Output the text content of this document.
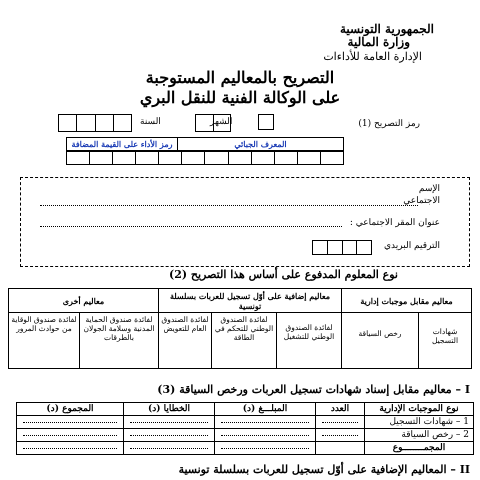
الجمهورية التونسية
وزارة المالية
الإدارة العامة للأداءات
التصريح بالمعاليم المستوجبة
على الوكالة الفنية للنقل البري
رمز التصريح (1)
الشهر
السنة
رمز الأداء على القيمة المضافة	المعرف الجبائي
الإسم
الاجتماعي
عنوان المقر الاجتماعي :
الترقيم البريدي
نوع المعلوم المدفوع على أساس هذا التصريح (2)
معاليم مقابل موجبات إدارية		معاليم إضافية على أوّل تسجيل للعربات بسلسلة تونسية			معاليم أخرى	
شهادات التسجيل	رخص السياقة	لفائدة الصندوق الوطني للتشغيل	لفائدة الصندوق الوطني للتحكم في الطاقة	لفائدة الصندوق العام للتعويض	لفائدة صندوق الحماية المدنية وسلامة الجولان بالطرقات	لفائدة صندوق الوقاية من حوادث المرور
I – معاليم مقابل إسناد شهادات تسجيل العربات ورخص السياقة (3)
نوع الموجبات الإدارية	العدد	المبلـــغ (د)	الخطايا (د)	المجموع (د)
1 – شهادات التسجيل	

2 – رخص السياقة	

المجمــــــــوع		

II – المعاليم الإضافية على أوّل تسجيل للعربات بسلسلة تونسية
